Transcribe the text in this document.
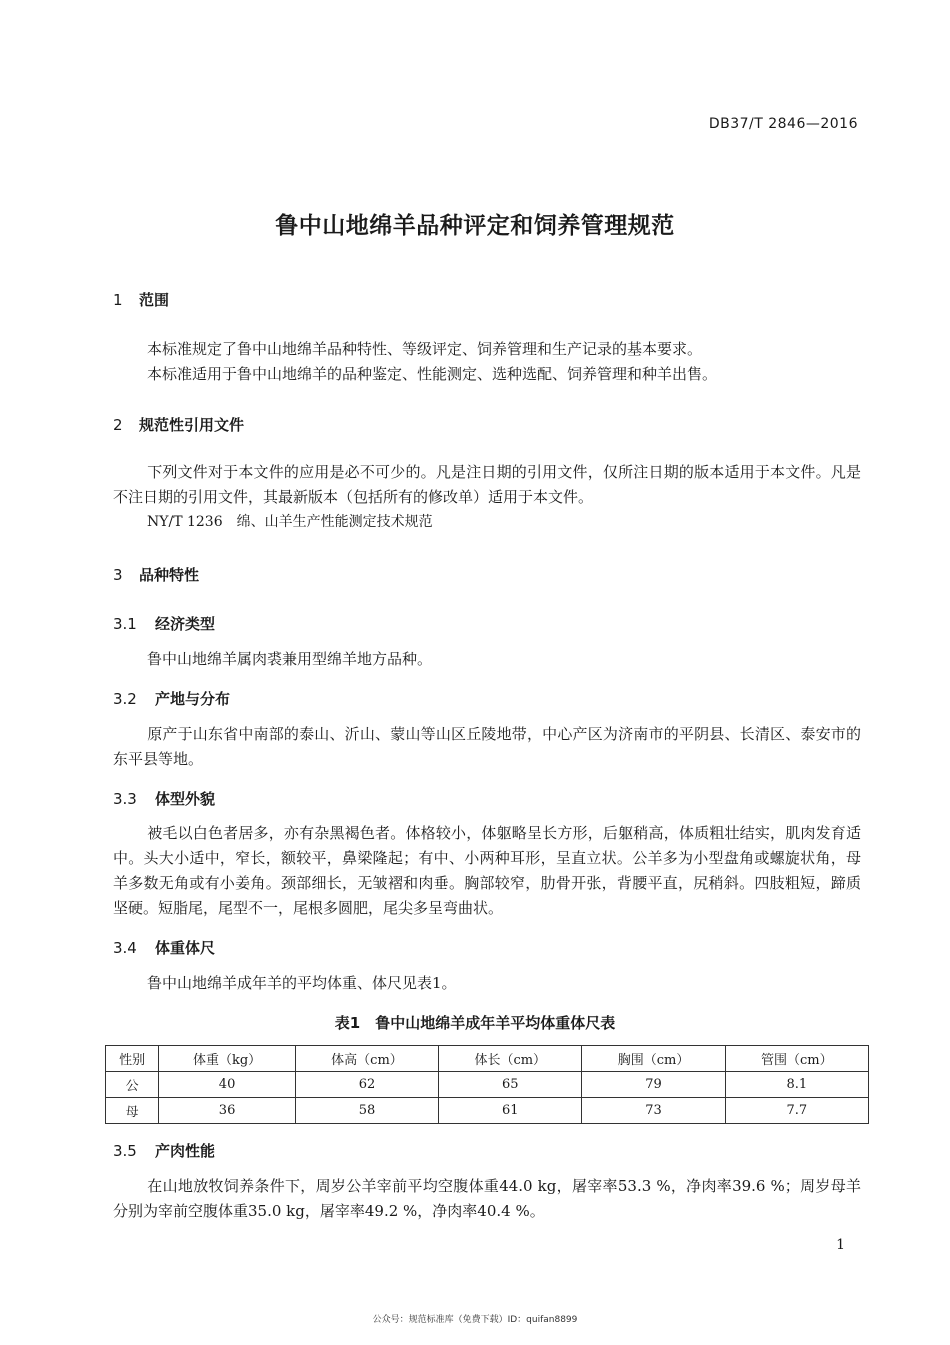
DB37/T 2846—2016
鲁中山地绵羊品种评定和饲养管理规范
1 范围
本标准规定了鲁中山地绵羊品种特性、等级评定、饲养管理和生产记录的基本要求。
本标准适用于鲁中山地绵羊的品种鉴定、性能测定、选种选配、饲养管理和种羊出售。
2 规范性引用文件
下列文件对于本文件的应用是必不可少的。凡是注日期的引用文件，仅所注日期的版本适用于本文件。凡是不注日期的引用文件，其最新版本（包括所有的修改单）适用于本文件。
NY/T 1236　绵、山羊生产性能测定技术规范
3 品种特性
3.1 经济类型
鲁中山地绵羊属肉裘兼用型绵羊地方品种。
3.2 产地与分布
原产于山东省中南部的泰山、沂山、蒙山等山区丘陵地带，中心产区为济南市的平阴县、长清区、泰安市的东平县等地。
3.3 体型外貌
被毛以白色者居多，亦有杂黑褐色者。体格较小，体躯略呈长方形，后躯稍高，体质粗壮结实，肌肉发育适中。头大小适中，窄长，额较平，鼻梁隆起；有中、小两种耳形，呈直立状。公羊多为小型盘角或螺旋状角，母羊多数无角或有小姜角。颈部细长，无皱褶和肉垂。胸部较窄，肋骨开张，背腰平直，尻稍斜。四肢粗短，蹄质坚硬。短脂尾，尾型不一，尾根多圆肥，尾尖多呈弯曲状。
3.4 体重体尺
鲁中山地绵羊成年羊的平均体重、体尺见表1。
表1　鲁中山地绵羊成年羊平均体重体尺表
性别	体重（kg）	体高（cm）	体长（cm）	胸围（cm）	管围（cm）
公	40	62	65	79	8.1
母	36	58	61	73	7.7
3.5 产肉性能
在山地放牧饲养条件下，周岁公羊宰前平均空腹体重44.0 kg，屠宰率53.3 %，净肉率39.6 %；周岁母羊分别为宰前空腹体重35.0 kg，屠宰率49.2 %，净肉率40.4 %。
1
公众号：规范标准库（免费下载）ID：quifan8899
